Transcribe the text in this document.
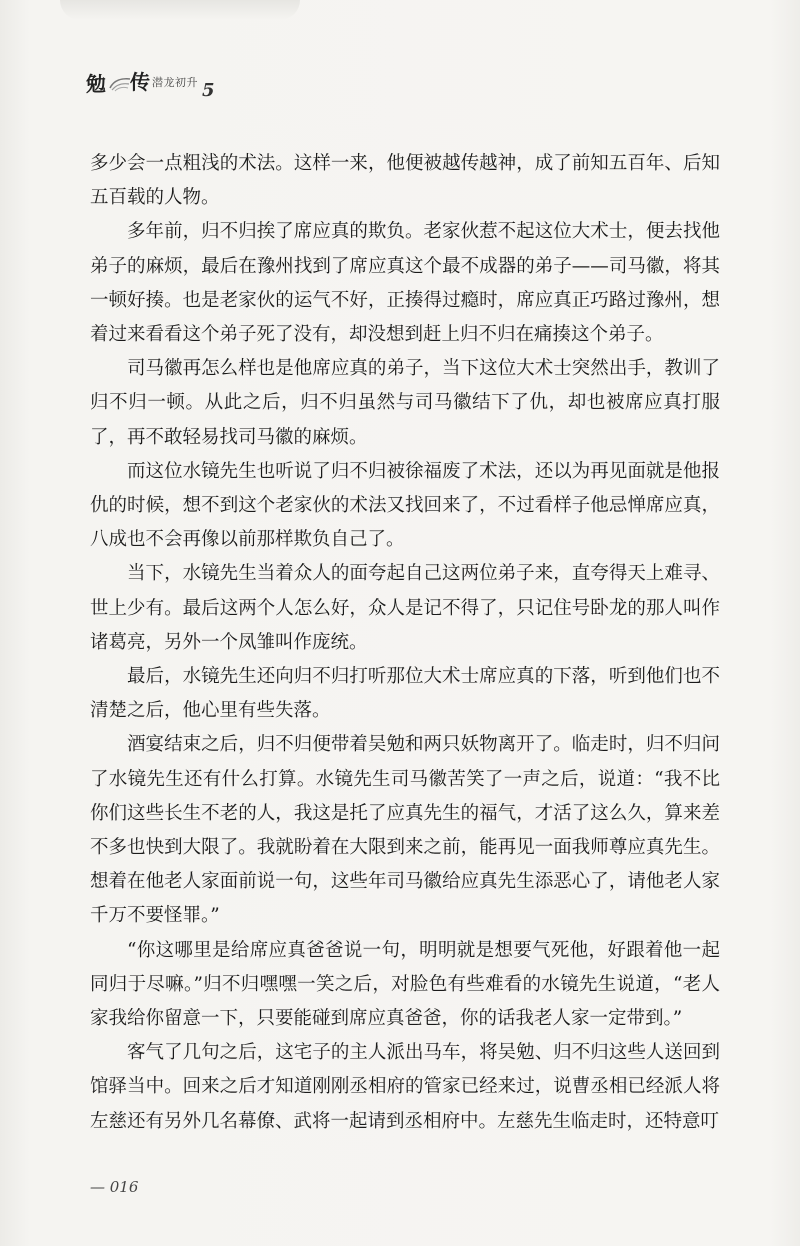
勉 传 潜龙初升 5

多少会一点粗浅的术法。这样一来，他便被越传越神，成了前知五百年、后知五百载的人物。

多年前，归不归挨了席应真的欺负。老家伙惹不起这位大术士，便去找他弟子的麻烦，最后在豫州找到了席应真这个最不成器的弟子——司马徽，将其一顿好揍。也是老家伙的运气不好，正揍得过瘾时，席应真正巧路过豫州，想着过来看看这个弟子死了没有，却没想到赶上归不归在痛揍这个弟子。

司马徽再怎么样也是他席应真的弟子，当下这位大术士突然出手，教训了归不归一顿。从此之后，归不归虽然与司马徽结下了仇，却也被席应真打服了，再不敢轻易找司马徽的麻烦。

而这位水镜先生也听说了归不归被徐福废了术法，还以为再见面就是他报仇的时候，想不到这个老家伙的术法又找回来了，不过看样子他忌惮席应真，八成也不会再像以前那样欺负自己了。

当下，水镜先生当着众人的面夸起自己这两位弟子来，直夸得天上难寻、世上少有。最后这两个人怎么好，众人是记不得了，只记住号卧龙的那人叫作诸葛亮，另外一个凤雏叫作庞统。

最后，水镜先生还向归不归打听那位大术士席应真的下落，听到他们也不清楚之后，他心里有些失落。

酒宴结束之后，归不归便带着吴勉和两只妖物离开了。临走时，归不归问了水镜先生还有什么打算。水镜先生司马徽苦笑了一声之后，说道：“我不比你们这些长生不老的人，我这是托了应真先生的福气，才活了这么久，算来差不多也快到大限了。我就盼着在大限到来之前，能再见一面我师尊应真先生。想着在他老人家面前说一句，这些年司马徽给应真先生添恶心了，请他老人家千万不要怪罪。”

“你这哪里是给席应真爸爸说一句，明明就是想要气死他，好跟着他一起同归于尽嘛。”归不归嘿嘿一笑之后，对脸色有些难看的水镜先生说道，“老人家我给你留意一下，只要能碰到席应真爸爸，你的话我老人家一定带到。”

客气了几句之后，这宅子的主人派出马车，将吴勉、归不归这些人送回到馆驿当中。回来之后才知道刚刚丞相府的管家已经来过，说曹丞相已经派人将左慈还有另外几名幕僚、武将一起请到丞相府中。左慈先生临走时，还特意叮

— 016
